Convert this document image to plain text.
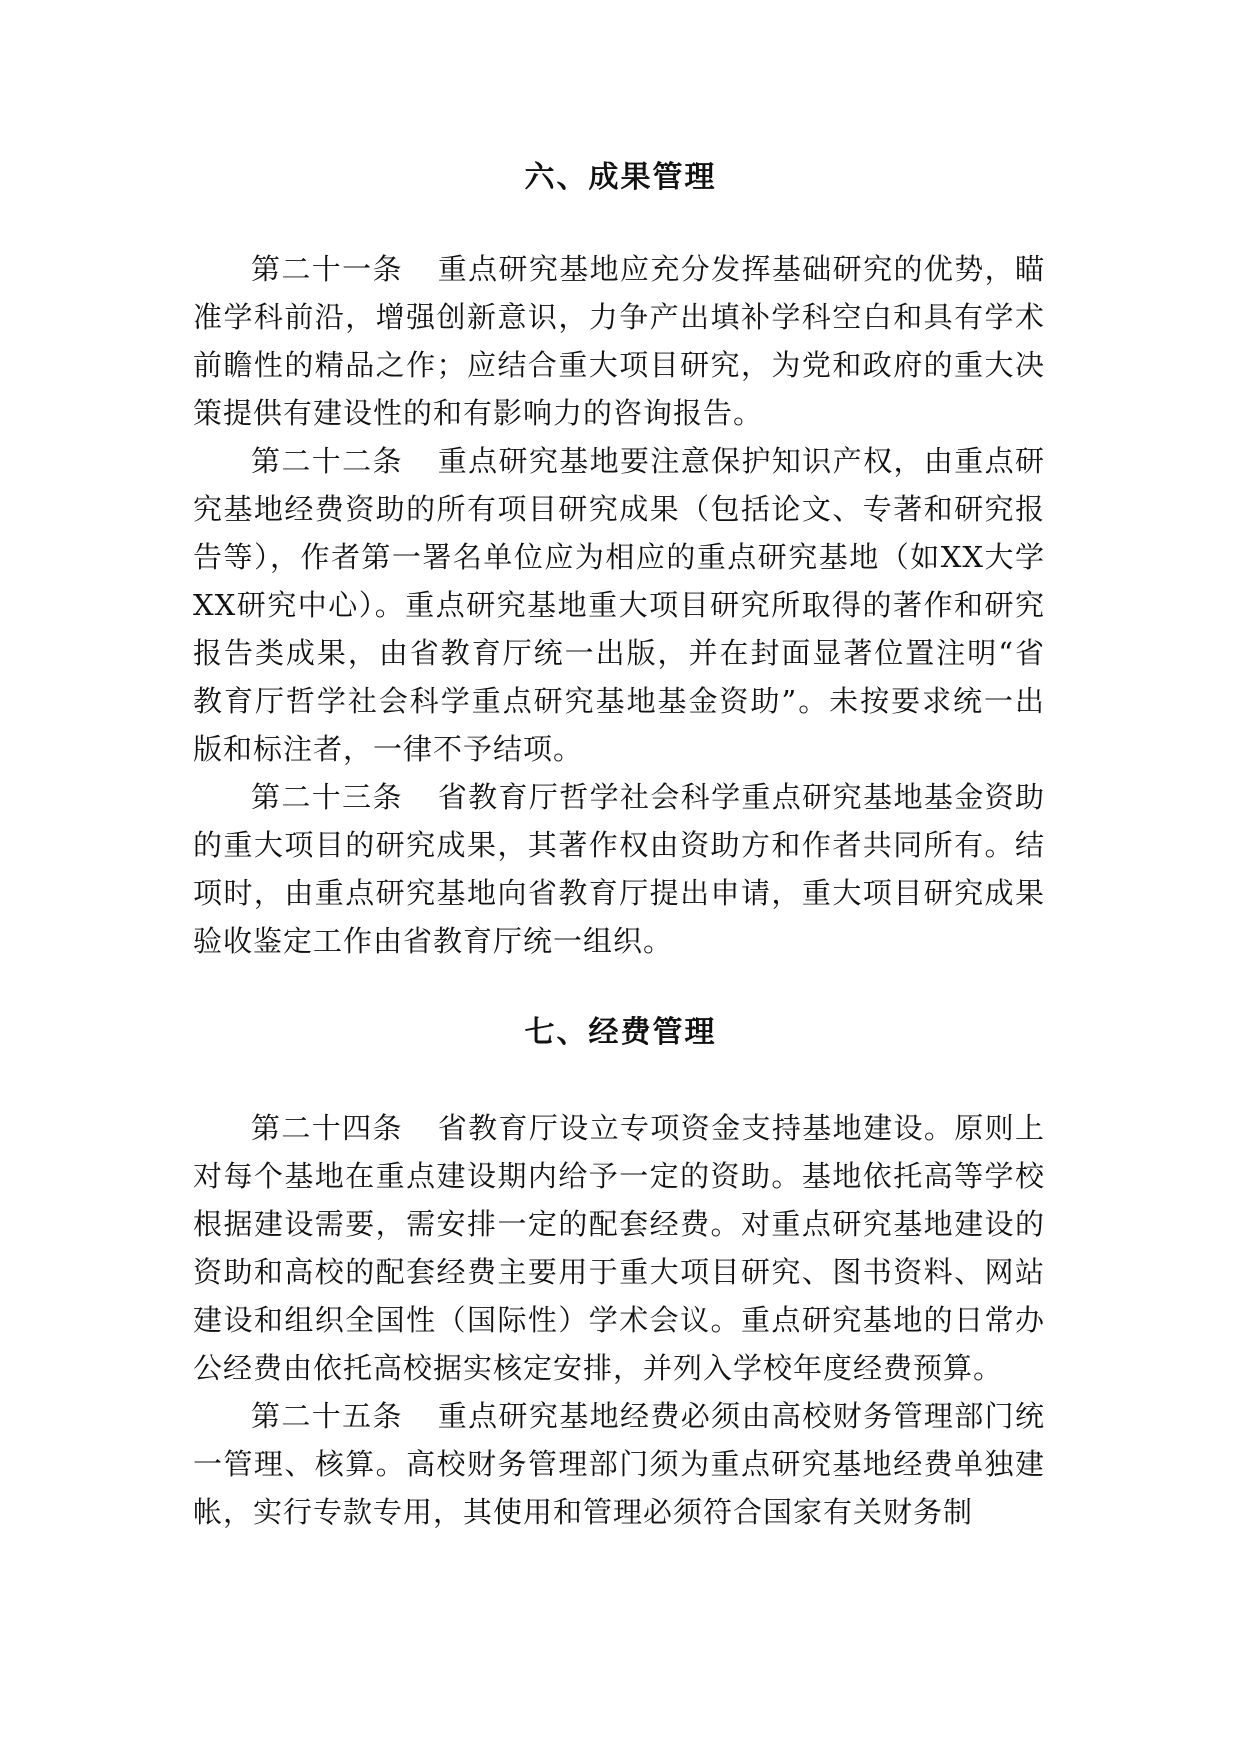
六、成果管理

第二十一条 重点研究基地应充分发挥基础研究的优势，瞄准学科前沿，增强创新意识，力争产出填补学科空白和具有学术前瞻性的精品之作；应结合重大项目研究，为党和政府的重大决策提供有建设性的和有影响力的咨询报告。

第二十二条 重点研究基地要注意保护知识产权，由重点研究基地经费资助的所有项目研究成果（包括论文、专著和研究报告等），作者第一署名单位应为相应的重点研究基地（如XX大学XX研究中心）。重点研究基地重大项目研究所取得的著作和研究报告类成果，由省教育厅统一出版，并在封面显著位置注明“省教育厅哲学社会科学重点研究基地基金资助”。未按要求统一出版和标注者，一律不予结项。

第二十三条 省教育厅哲学社会科学重点研究基地基金资助的重大项目的研究成果，其著作权由资助方和作者共同所有。结项时，由重点研究基地向省教育厅提出申请，重大项目研究成果验收鉴定工作由省教育厅统一组织。

七、经费管理

第二十四条 省教育厅设立专项资金支持基地建设。原则上对每个基地在重点建设期内给予一定的资助。基地依托高等学校根据建设需要，需安排一定的配套经费。对重点研究基地建设的资助和高校的配套经费主要用于重大项目研究、图书资料、网站建设和组织全国性（国际性）学术会议。重点研究基地的日常办公经费由依托高校据实核定安排，并列入学校年度经费预算。

第二十五条 重点研究基地经费必须由高校财务管理部门统一管理、核算。高校财务管理部门须为重点研究基地经费单独建帐，实行专款专用，其使用和管理必须符合国家有关财务制
